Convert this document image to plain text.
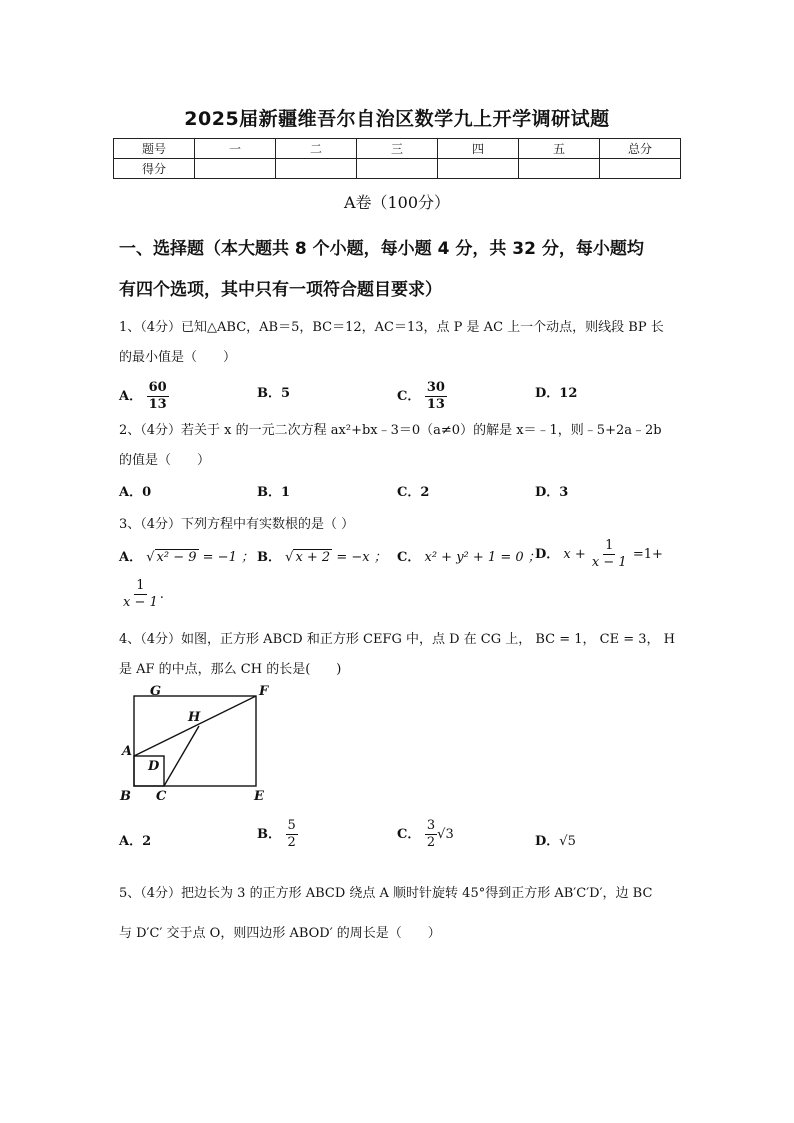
2025届新疆维吾尔自治区数学九上开学调研试题
题号	一	二	三	四	五	总分
得分						
A卷（100分）
一、选择题（本大题共 8 个小题，每小题 4 分，共 32 分，每小题均
有四个选项，其中只有一项符合题目要求）
1、（4分）已知△ABC，AB＝5，BC＝12，AC＝13，点 P 是 AC 上一个动点，则线段 BP 长
的最小值是（　　）
A． $\frac{60}{13}$	B．5	C． $\frac{30}{13}$	D．12
2、（4分）若关于 x 的一元二次方程 ax²+bx﹣3＝0（a≠0）的解是 x＝﹣1，则﹣5+2a﹣2b
的值是（　　）
A．0	B．1	C．2	D．3
3、（4分）下列方程中有实数根的是（ ）
A． √ x² − 9 = −1 ； B． √ x + 2 = −x ； C． x² + y² + 1 = 0 ；
D． $x + \frac{1}{x - 1} =1+$
$\frac{1}{x - 1}$ .
4、（4分）如图，正方形 ABCD 和正方形 CEFG 中，点 D 在 CG 上， BC = 1， CE = 3， H
是 AF 的中点，那么 CH 的长是(　　)
G	F
H
A
D
B C	E
A．2	B． $\frac{5}{2}$	C． $\frac{3}{2} √3$	D．√5
5、（4分）把边长为 3 的正方形 ABCD 绕点 A 顺时针旋转 45°得到正方形 AB′C′D′，边 BC
与 D′C′ 交于点 O，则四边形 ABOD′ 的周长是（　　）
